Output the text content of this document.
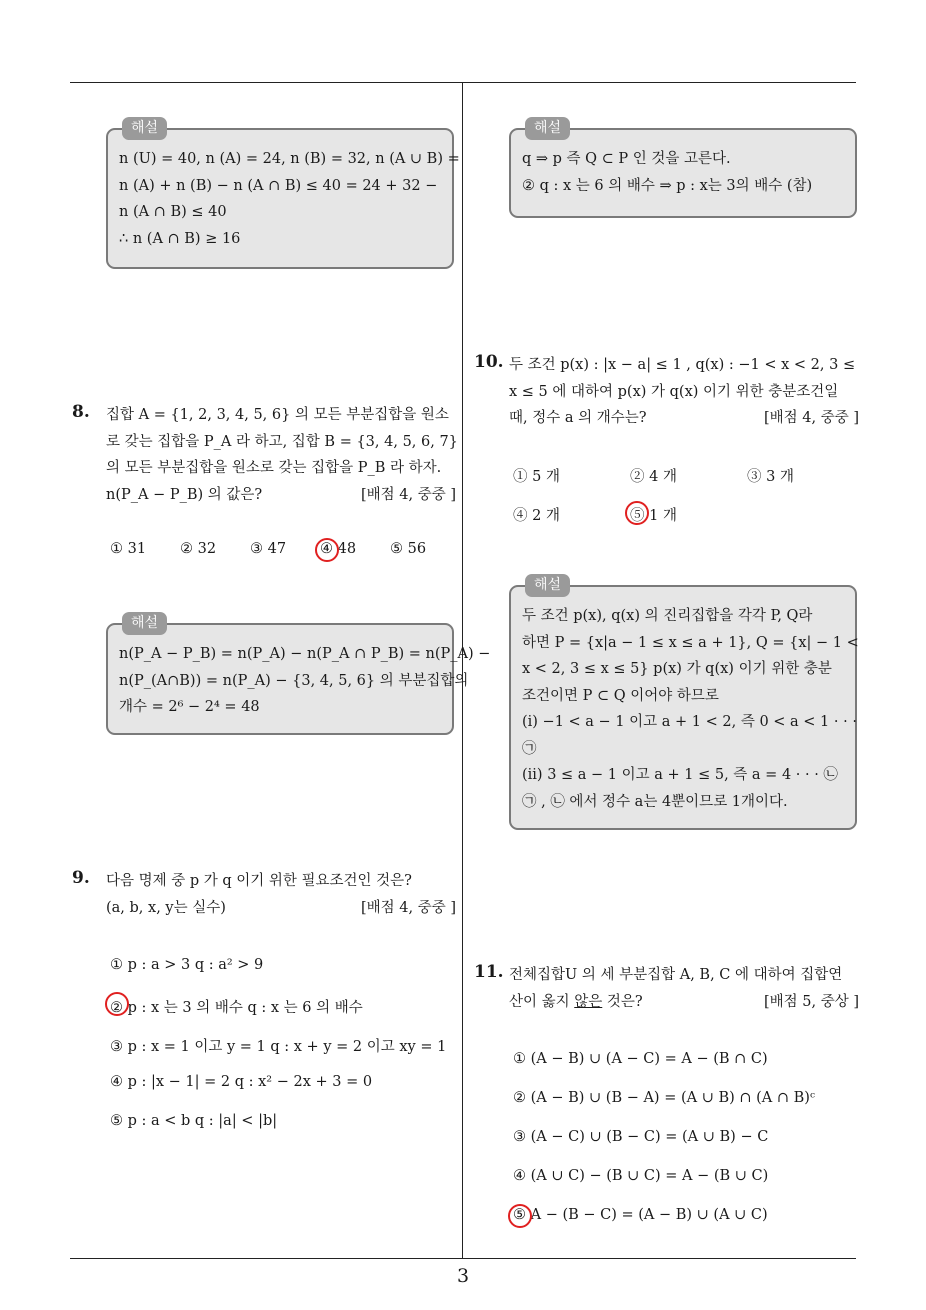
해설
n (U) = 40, n (A) = 24, n (B) = 32, n (A ∪ B) =
n (A) + n (B) − n (A ∩ B) ≤ 40 = 24 + 32 −
n (A ∩ B) ≤ 40
∴ n (A ∩ B) ≥ 16
8. 집합 A = {1, 2, 3, 4, 5, 6} 의 모든 부분집합을 원소
로 갖는 집합을 P_A 라 하고, 집합 B = {3, 4, 5, 6, 7}
의 모든 부분집합을 원소로 갖는 집합을 P_B 라 하자.
n(P_A − P_B) 의 값은?	[배점 4, 중중 ]
① 31 ② 32 ③ 47 ④ 48 ⑤ 56
해설
n(P_A − P_B) = n(P_A) − n(P_A ∩ P_B) = n(P_A) −
n(P_(A∩B)) = n(P_A) − {3, 4, 5, 6} 의 부분집합의
개수 = 2⁶ − 2⁴ = 48
9. 다음 명제 중 p 가 q 이기 위한 필요조건인 것은?
(a, b, x, y는 실수)	[배점 4, 중중 ]
① p : a > 3 q : a² > 9
② p : x 는 3 의 배수 q : x 는 6 의 배수
③ p : x = 1 이고 y = 1 q : x + y = 2 이고 xy = 1
④ p : |x − 1| = 2 q : x² − 2x + 3 = 0
⑤ p : a < b q : |a| < |b|
해설
q ⇒ p 즉 Q ⊂ P 인 것을 고른다.
② q : x 는 6 의 배수 ⇒ p : x는 3의 배수 (참)
10. 두 조건 p(x) : |x − a| ≤ 1 , q(x) : −1 < x < 2, 3 ≤
x ≤ 5 에 대하여 p(x) 가 q(x) 이기 위한 충분조건일
때, 정수 a 의 개수는?	[배점 4, 중중 ]
① 5 개	② 4 개	③ 3 개
④ 2 개	⑤ 1 개
해설
두 조건 p(x), q(x) 의 진리집합을 각각 P, Q라
하면 P = {x|a − 1 ≤ x ≤ a + 1}, Q = {x| − 1 <
x < 2, 3 ≤ x ≤ 5} p(x) 가 q(x) 이기 위한 충분
조건이면 P ⊂ Q 이어야 하므로
(i) −1 < a − 1 이고 a + 1 < 2, 즉 0 < a < 1 · · ·
㉠
(ii) 3 ≤ a − 1 이고 a + 1 ≤ 5, 즉 a = 4 · · · ㉡
㉠ , ㉡ 에서 정수 a는 4뿐이므로 1개이다.
11. 전체집합U 의 세 부분집합 A, B, C 에 대하여 집합연
산이 옳지 않은 것은?	[배점 5, 중상 ]
① (A − B) ∪ (A − C) = A − (B ∩ C)
② (A − B) ∪ (B − A) = (A ∪ B) ∩ (A ∩ B)ᶜ
③ (A − C) ∪ (B − C) = (A ∪ B) − C
④ (A ∪ C) − (B ∪ C) = A − (B ∪ C)
⑤ A − (B − C) = (A − B) ∪ (A ∪ C)
3
